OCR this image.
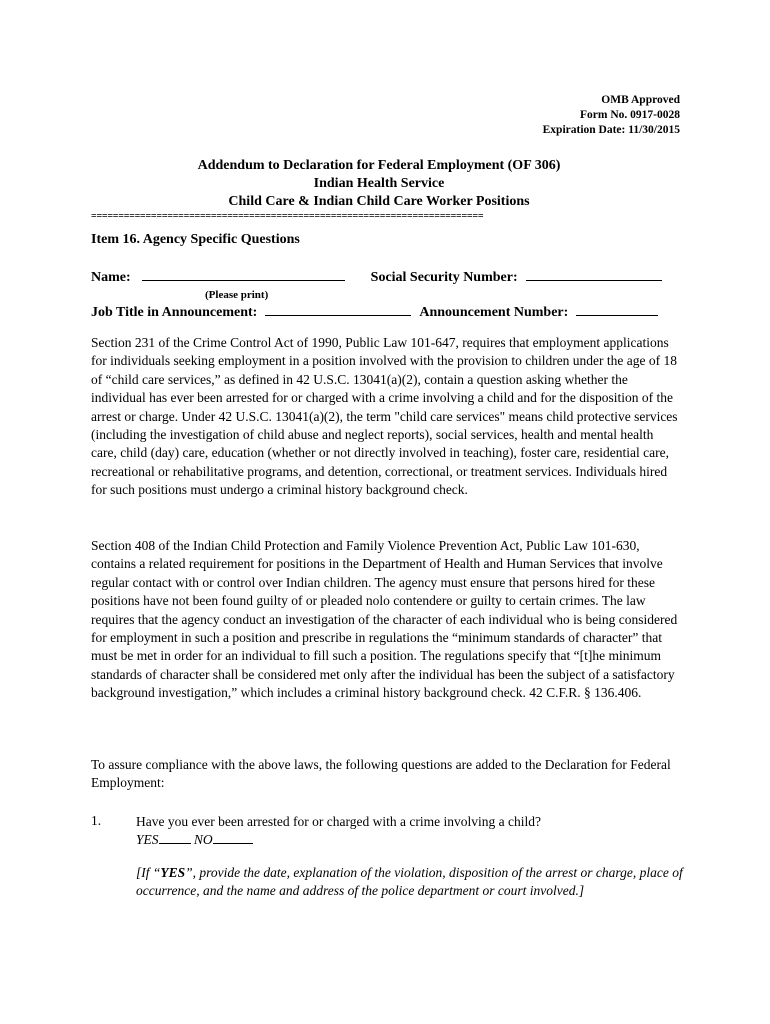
OMB Approved
Form No. 0917-0028
Expiration Date: 11/30/2015
Addendum to Declaration for Federal Employment (OF 306)
Indian Health Service
Child Care & Indian Child Care Worker Positions
========================================================================
Item 16. Agency Specific Questions
Name:	Social Security Number:
(Please print)
Job Title in Announcement:	Announcement Number:

Section 231 of the Crime Control Act of 1990, Public Law 101-647, requires that employment applications for individuals seeking employment in a position involved with the provision to children under the age of 18 of “child care services,” as defined in 42 U.S.C. 13041(a)(2), contain a question asking whether the individual has ever been arrested for or charged with a crime involving a child and for the disposition of the arrest or charge. Under 42 U.S.C. 13041(a)(2), the term "child care services" means child protective services (including the investigation of child abuse and neglect reports), social services, health and mental health care, child (day) care, education (whether or not directly involved in teaching), foster care, residential care, recreational or rehabilitative programs, and detention, correctional, or treatment services. Individuals hired for such positions must undergo a criminal history background check.

Section 408 of the Indian Child Protection and Family Violence Prevention Act, Public Law 101-630, contains a related requirement for positions in the Department of Health and Human Services that involve regular contact with or control over Indian children. The agency must ensure that persons hired for these positions have not been found guilty of or pleaded nolo contendere or guilty to certain crimes. The law requires that the agency conduct an investigation of the character of each individual who is being considered for employment in such a position and prescribe in regulations the “minimum standards of character” that must be met in order for an individual to fill such a position. The regulations specify that “[t]he minimum standards of character shall be considered met only after the individual has been the subject of a satisfactory background investigation,” which includes a criminal history background check. 42 C.F.R. § 136.406.

To assure compliance with the above laws, the following questions are added to the Declaration for Federal Employment:

1.	Have you ever been arrested for or charged with a crime involving a child?
YES	NO
[If “YES”, provide the date, explanation of the violation, disposition of the arrest or charge, place of occurrence, and the name and address of the police department or court involved.]
